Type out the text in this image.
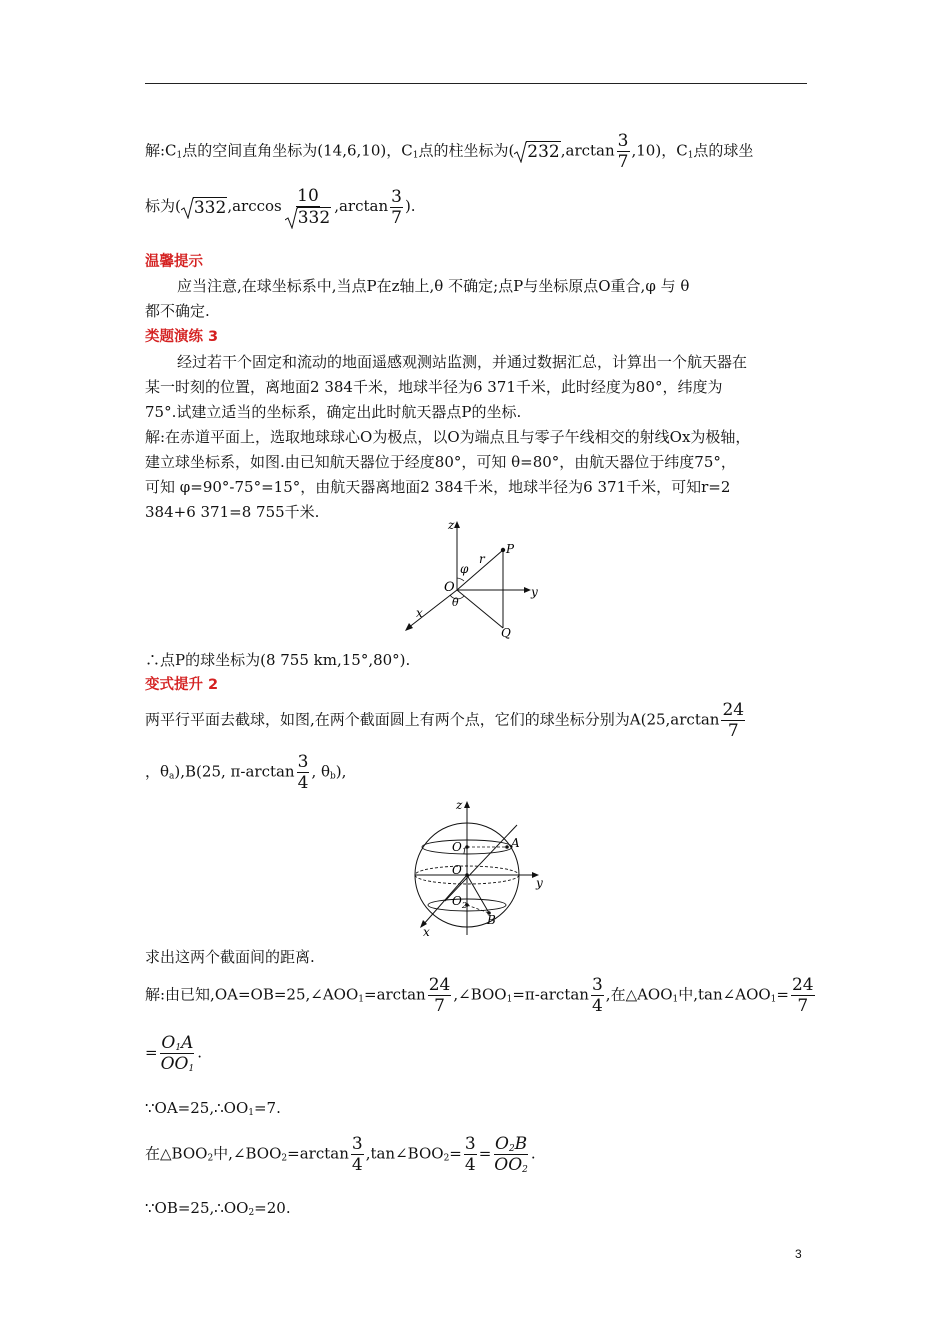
解$:C_1$点的空间直角坐标为(14,6,10)，$C_1$点的柱坐标为( $232,\arctan \frac{3}{7} ,10$)，$C_1$点的球坐
标为( $332,\arccos \frac{10}{332} ,\arctan \frac{3}{7}$ ).
温馨提示
应当注意,在球坐标系中,当点P在z轴上,θ 不确定;点P与坐标原点O重合,φ 与 θ
都不确定.
类题演练 3
经过若干个固定和流动的地面遥感观测站监测，并通过数据汇总，计算出一个航天器在
某一时刻的位置，离地面2 384千米，地球半径为6 371千米，此时经度为80°，纬度为
75°.试建立适当的坐标系，确定出此时航天器点P的坐标.
解:在赤道平面上，选取地球球心O为极点，以O为端点且与零子午线相交的射线Ox为极轴，
建立球坐标系，如图.由已知航天器位于经度80°，可知 θ=80°，由航天器位于纬度75°，
可知 φ=90°-75°=15°，由航天器离地面2 384千米，地球半径为6 371千米，可知r=2
384+6 371=8 755千米.
z
P
r
φ
O	y
θ
x
Q
∴点P的球坐标为(8 755 km,15°,80°).
变式提升 2
两平行平面去截球，如图,在两个截面圆上有两个点，它们的球坐标分别为$A(25,\arctan \frac{24}{7}$
，$\theta_a),B(25$, $\pi-\arctan \frac{3}{4}$ , $\theta_b$),
z
$O_1$
A
O
y
$O_2$
B
x
求出这两个截面间的距离.
解:由已知$,OA=OB=25,\angle AOO_1=\arctan \frac{24}{7}$ $,\angle BOO_1=\pi-\arctan \frac{3}{4}$ ,在$\triangle AOO_1$中$,\tan\angle AOO_1= \frac{24}{7}$
= $\frac{O_1A}{OO_1}$ .
$\because OA=25,\therefore OO_1=7$.
在$\triangle BOO_2$中$,\angle BOO_2=\arctan \frac{3}{4}$ $,\tan\angle BOO_2= \frac{3}{4} = \frac{O_2B}{OO_2}$ .
$\because OB=25,\therefore OO_2=20$.
3
